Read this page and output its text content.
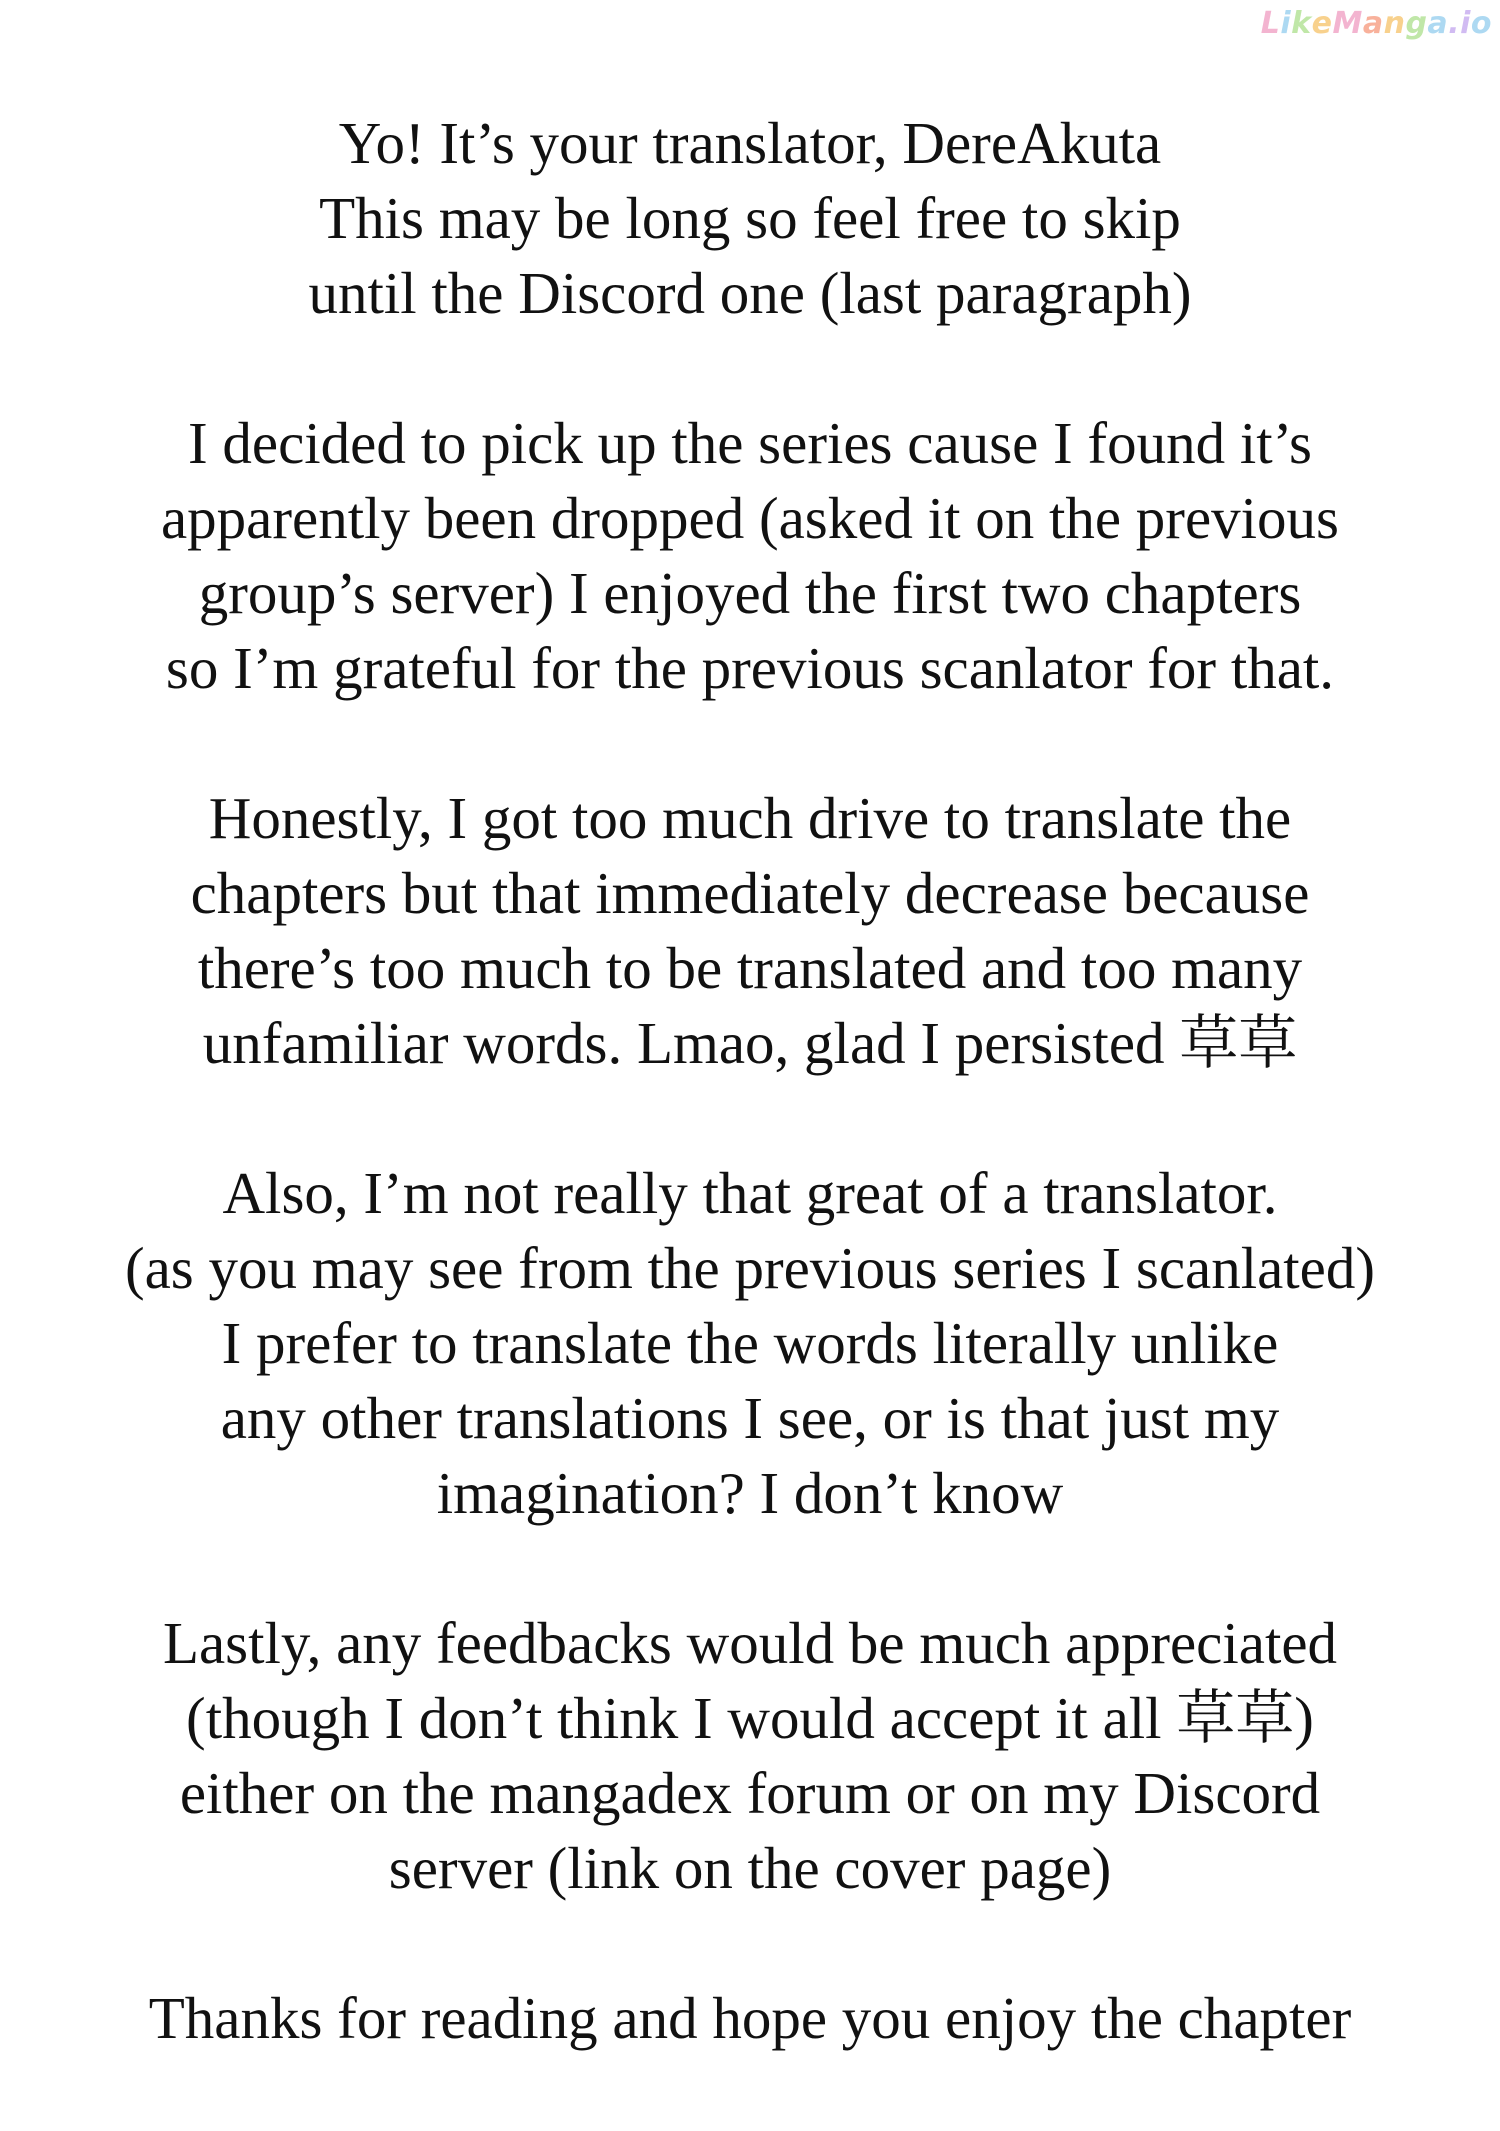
LikeManga.io
Yo! It’s your translator, DereAkuta
This may be long so feel free to skip
until the Discord one (last paragraph)
I decided to pick up the series cause I found it’s
apparently been dropped (asked it on the previous
group’s server) I enjoyed the first two chapters
so I’m grateful for the previous scanlator for that.
Honestly, I got too much drive to translate the
chapters but that immediately decrease because
there’s too much to be translated and too many
unfamiliar words. Lmao, glad I persisted 草草
Also, I’m not really that great of a translator.
(as you may see from the previous series I scanlated)
I prefer to translate the words literally unlike
any other translations I see, or is that just my
imagination? I don’t know
Lastly, any feedbacks would be much appreciated
(though I don’t think I would accept it all 草草)
either on the mangadex forum or on my Discord
server (link on the cover page)
Thanks for reading and hope you enjoy the chapter
